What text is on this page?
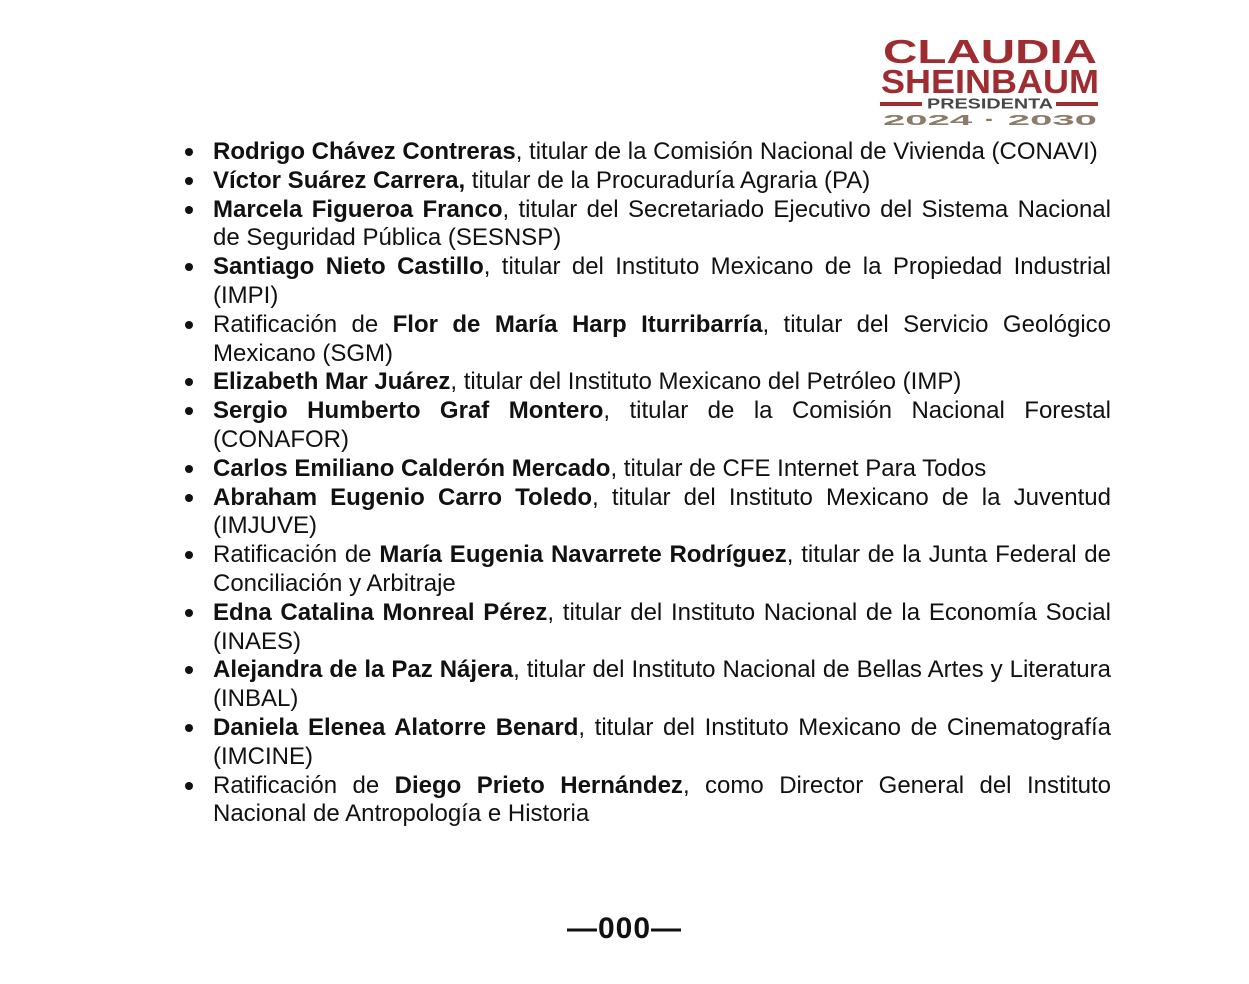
CLAUDIA
SHEINBAUM
PRESIDENTA
2024 · 2030
Rodrigo Chávez Contreras, titular de la Comisión Nacional de Vivienda (CONAVI)
Víctor Suárez Carrera, titular de la Procuraduría Agraria (PA)
Marcela Figueroa Franco, titular del Secretariado Ejecutivo del Sistema Nacional de Seguridad Pública (SESNSP)
Santiago Nieto Castillo, titular del Instituto Mexicano de la Propiedad Industrial (IMPI)
Ratificación de Flor de María Harp Iturribarría, titular del Servicio Geológico Mexicano (SGM)
Elizabeth Mar Juárez, titular del Instituto Mexicano del Petróleo (IMP)
Sergio Humberto Graf Montero, titular de la Comisión Nacional Forestal (CONAFOR)
Carlos Emiliano Calderón Mercado, titular de CFE Internet Para Todos
Abraham Eugenio Carro Toledo, titular del Instituto Mexicano de la Juventud (IMJUVE)
Ratificación de María Eugenia Navarrete Rodríguez, titular de la Junta Federal de Conciliación y Arbitraje
Edna Catalina Monreal Pérez, titular del Instituto Nacional de la Economía Social (INAES)
Alejandra de la Paz Nájera, titular del Instituto Nacional de Bellas Artes y Literatura (INBAL)
Daniela Elenea Alatorre Benard, titular del Instituto Mexicano de Cinematografía (IMCINE)
Ratificación de Diego Prieto Hernández, como Director General del Instituto Nacional de Antropología e Historia
—000—
